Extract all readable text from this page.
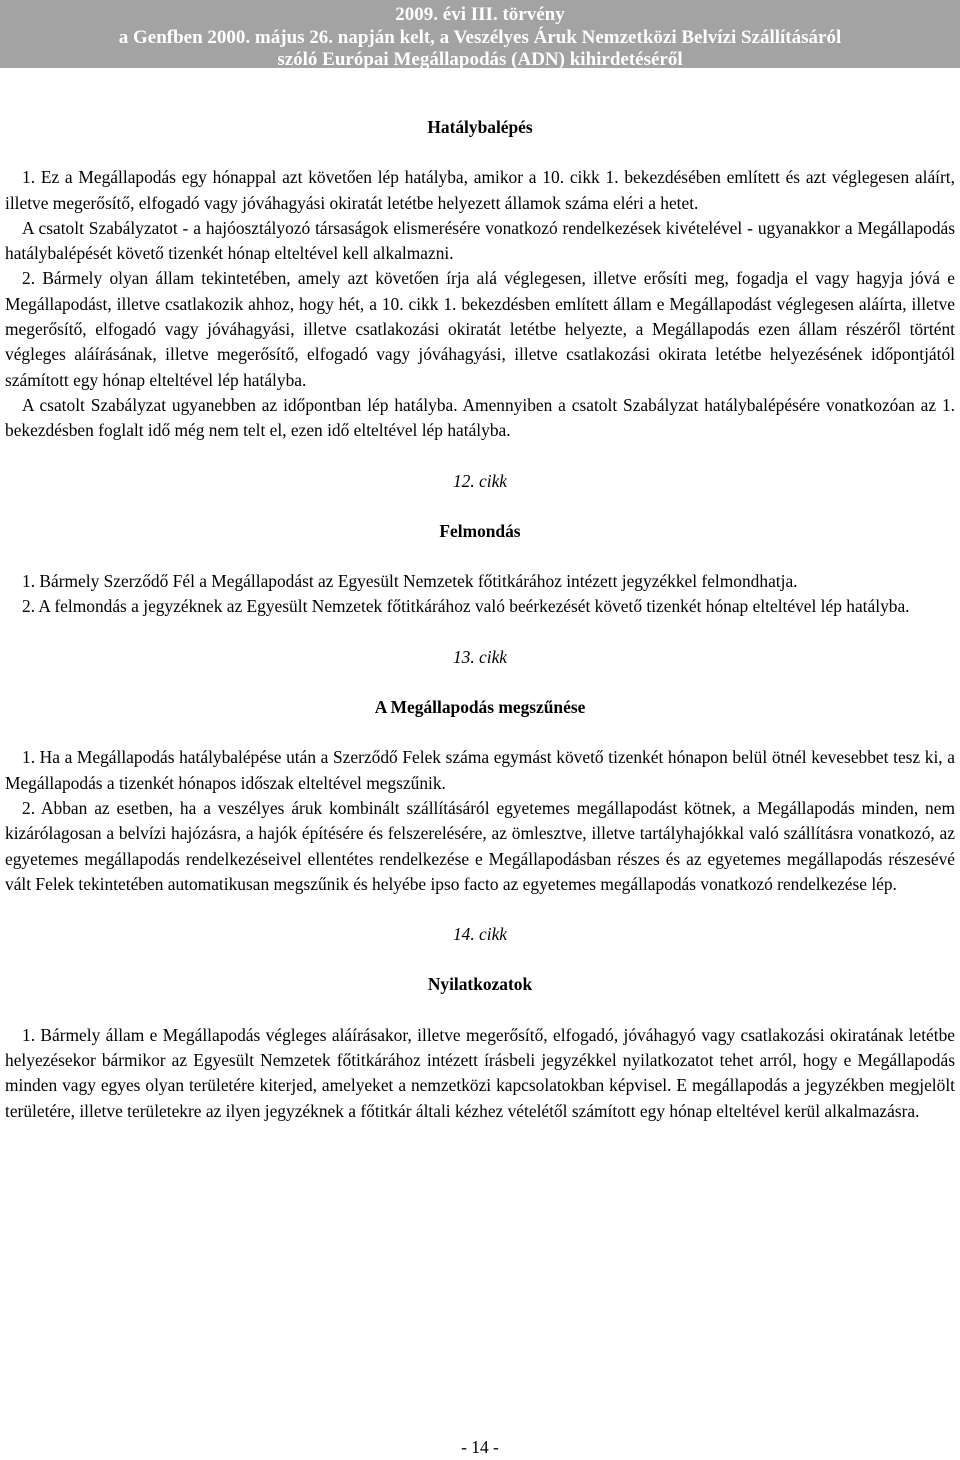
2009. évi III. törvény
a Genfben 2000. május 26. napján kelt, a Veszélyes Áruk Nemzetközi Belvízi Szállításáról
szóló Európai Megállapodás (ADN) kihirdetéséről

Hatálybalépés

1. Ez a Megállapodás egy hónappal azt követően lép hatályba, amikor a 10. cikk 1. bekezdésében említett és azt véglegesen aláírt, illetve megerősítő, elfogadó vagy jóváhagyási okiratát letétbe helyezett államok száma eléri a hetet.

A csatolt Szabályzatot - a hajóosztályozó társaságok elismerésére vonatkozó rendelkezések kivételével - ugyanakkor a Megállapodás hatálybalépését követő tizenkét hónap elteltével kell alkalmazni.

2. Bármely olyan állam tekintetében, amely azt követően írja alá véglegesen, illetve erősíti meg, fogadja el vagy hagyja jóvá e Megállapodást, illetve csatlakozik ahhoz, hogy hét, a 10. cikk 1. bekezdésben említett állam e Megállapodást véglegesen aláírta, illetve megerősítő, elfogadó vagy jóváhagyási, illetve csatlakozási okiratát letétbe helyezte, a Megállapodás ezen állam részéről történt végleges aláírásának, illetve megerősítő, elfogadó vagy jóváhagyási, illetve csatlakozási okirata letétbe helyezésének időpontjától számított egy hónap elteltével lép hatályba.

A csatolt Szabályzat ugyanebben az időpontban lép hatályba. Amennyiben a csatolt Szabályzat hatálybalépésére vonatkozóan az 1. bekezdésben foglalt idő még nem telt el, ezen idő elteltével lép hatályba.

12. cikk

Felmondás

1. Bármely Szerződő Fél a Megállapodást az Egyesült Nemzetek főtitkárához intézett jegyzékkel felmondhatja.

2. A felmondás a jegyzéknek az Egyesült Nemzetek főtitkárához való beérkezését követő tizenkét hónap elteltével lép hatályba.

13. cikk

A Megállapodás megszűnése

1. Ha a Megállapodás hatálybalépése után a Szerződő Felek száma egymást követő tizenkét hónapon belül ötnél kevesebbet tesz ki, a Megállapodás a tizenkét hónapos időszak elteltével megszűnik.

2. Abban az esetben, ha a veszélyes áruk kombinált szállításáról egyetemes megállapodást kötnek, a Megállapodás minden, nem kizárólagosan a belvízi hajózásra, a hajók építésére és felszerelésére, az ömlesztve, illetve tartályhajókkal való szállításra vonatkozó, az egyetemes megállapodás rendelkezéseivel ellentétes rendelkezése e Megállapodásban részes és az egyetemes megállapodás részesévé vált Felek tekintetében automatikusan megszűnik és helyébe ipso facto az egyetemes megállapodás vonatkozó rendelkezése lép.

14. cikk

Nyilatkozatok

1. Bármely állam e Megállapodás végleges aláírásakor, illetve megerősítő, elfogadó, jóváhagyó vagy csatlakozási okiratának letétbe helyezésekor bármikor az Egyesült Nemzetek főtitkárához intézett írásbeli jegyzékkel nyilatkozatot tehet arról, hogy e Megállapodás minden vagy egyes olyan területére kiterjed, amelyeket a nemzetközi kapcsolatokban képvisel. E megállapodás a jegyzékben megjelölt területére, illetve területekre az ilyen jegyzéknek a főtitkár általi kézhez vételétől számított egy hónap elteltével kerül alkalmazásra.

- 14 -
